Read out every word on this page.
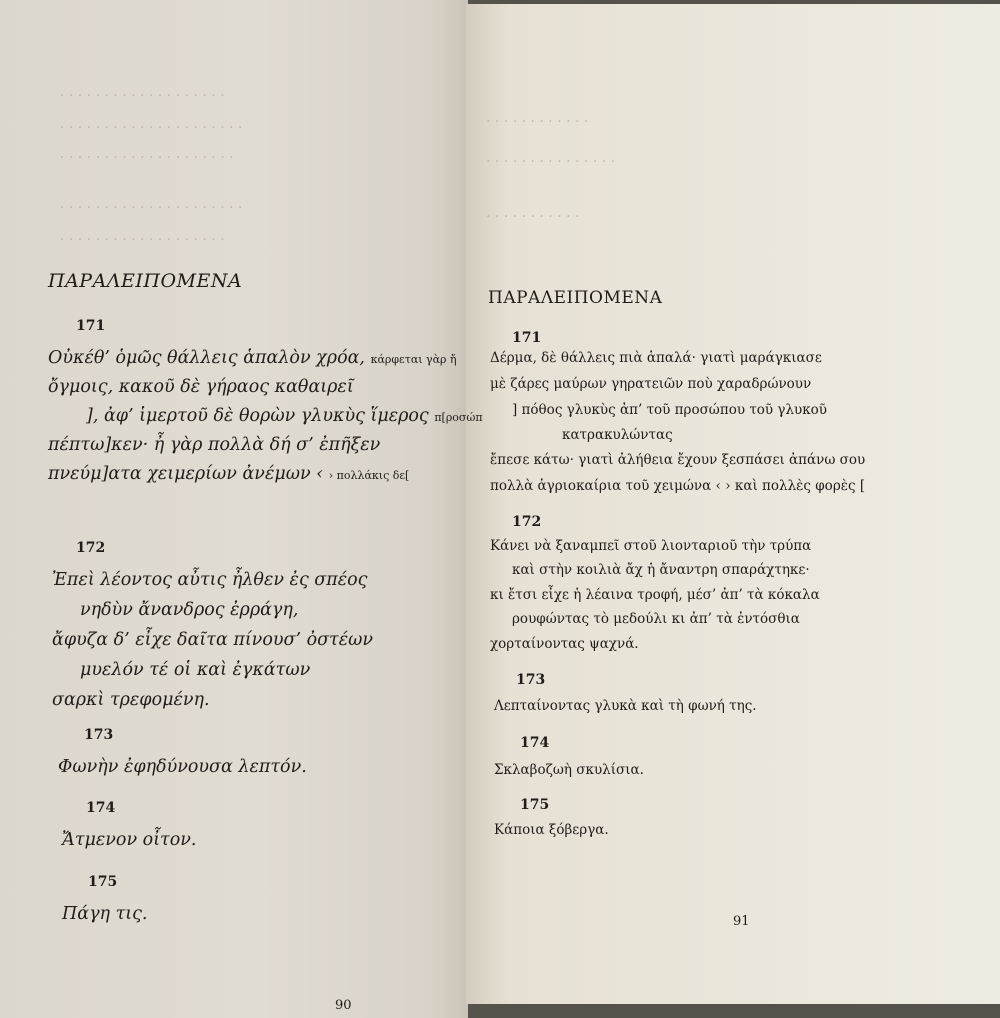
· · · · · · · · · · · · · · · · · · ·
· · · · · · · · · · · · · · · · · · · · ·
· · · · · · · · · · · · · · · · · · · ·
· · · · · · · · · · · · · · · · · · · · ·
· · · · · · · · · · · · · · · · · · ·
· · · · · · · · · · · ·
· · · · · · · · · · · · · · ·
· · · · · · · · · · ·
ΠΑΡΑΛΕΙΠΟΜΕΝΑ
171
Οὐκέθ’ ὁμῶς θάλλεις ἁπαλὸν χρόα, κάρφεται γὰρ ἤ
ὄγμοις, κακοῦ δὲ γήραος καθαιρεῖ
], ἀφ’ ἱμερτοῦ δὲ θορὼν γλυκὺς ἵμερος π[ροσώπ
πέπτω]κεν· ἦ γὰρ πολλὰ δή σ’ ἐπῆξεν
πνεύμ]ατα χειμερίων ἀνέμων ‹ › πολλάκις δε[
172
Ἐπεὶ λέοντος αὖτις ἦλθεν ἐς σπέος
νηδὺν ἄνανδρος ἐρράγη,
ἄφυζα δ’ εἶχε δαῖτα πίνουσ’ ὀστέων
μυελόν τέ οἱ καὶ ἐγκάτων
σαρκὶ τρεφομένη.
173
Φωνὴν ἐφηδύνουσα λεπτόν.
174
Ἄτμενον οἶτον.
175
Πάγη τις.
90
ΠΑΡΑΛΕΙΠΟΜΕΝΑ
171
Δέρμα, δὲ θάλλεις πιὰ ἁπαλά· γιατὶ μαράγκιασε
μὲ ζάρες μαύρων γηρατειῶν ποὺ χαραδρώνουν
] πόθος γλυκὺς ἀπ’ τοῦ προσώπου τοῦ γλυκοῦ
κατρακυλώντας
ἔπεσε κάτω· γιατὶ ἀλήθεια ἔχουν ξεσπάσει ἀπάνω σου
πολλὰ ἀγριοκαίρια τοῦ χειμώνα ‹ › καὶ πολλὲς φορὲς [
172
Κάνει νὰ ξαναμπεῖ στοῦ λιονταριοῦ τὴν τρύπα
καὶ στὴν κοιλιὰ ἄχ ἡ ἄναντρη σπαράχτηκε·
κι ἔτσι εἶχε ἡ λέαινα τροφή, μέσ’ ἀπ’ τὰ κόκαλα
ρουφώντας τὸ μεδούλι κι ἀπ’ τὰ ἐντόσθια
χορταίνοντας ψαχνά.
173
Λεπταίνοντας γλυκὰ καὶ τὴ φωνή της.
174
Σκλαβοζωὴ σκυλίσια.
175
Κάποια ξόβεργα.
91
